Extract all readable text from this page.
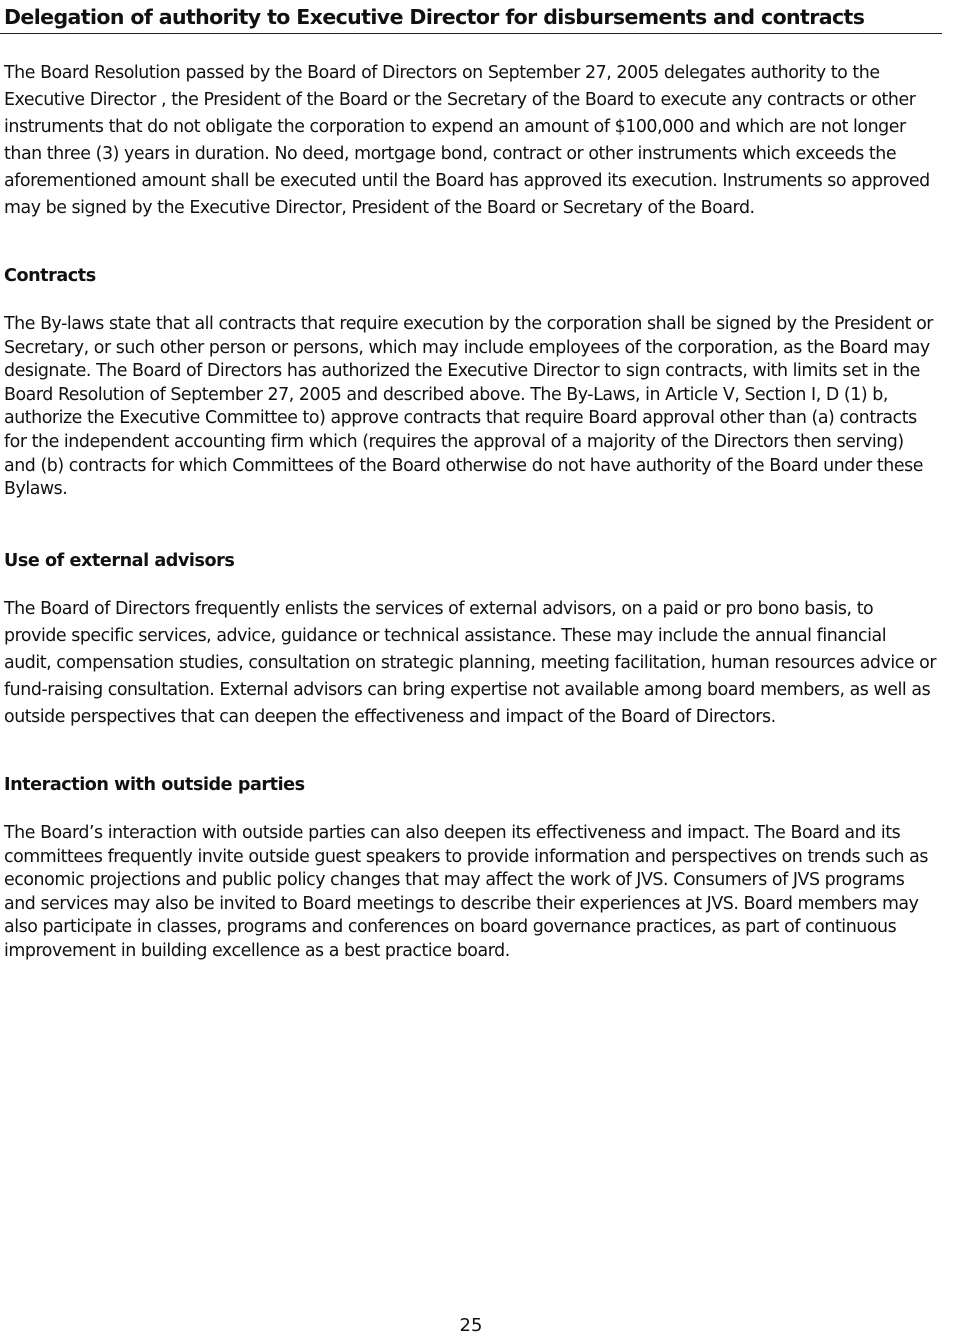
Delegation of authority to Executive Director for disbursements and contracts

The Board Resolution passed by the Board of Directors on September 27, 2005 delegates authority to the Executive Director , the President of the Board or the Secretary of the Board to execute any contracts or other instruments that do not obligate the corporation to expend an amount of $100,000 and which are not longer than three (3) years in duration. No deed, mortgage bond, contract or other instruments which exceeds the aforementioned amount shall be executed until the Board has approved its execution. Instruments so approved may be signed by the Executive Director, President of the Board or Secretary of the Board.

Contracts

The By-laws state that all contracts that require execution by the corporation shall be signed by the President or Secretary, or such other person or persons, which may include employees of the corporation, as the Board may designate. The Board of Directors has authorized the Executive Director to sign contracts, with limits set in the Board Resolution of September 27, 2005 and described above. The By-Laws, in Article V, Section I, D (1) b, authorize the Executive Committee to) approve contracts that require Board approval other than (a) contracts for the independent accounting firm which (requires the approval of a majority of the Directors then serving) and (b) contracts for which Committees of the Board otherwise do not have authority of the Board under these Bylaws.

Use of external advisors

The Board of Directors frequently enlists the services of external advisors, on a paid or pro bono basis, to provide specific services, advice, guidance or technical assistance. These may include the annual financial audit, compensation studies, consultation on strategic planning, meeting facilitation, human resources advice or fund-raising consultation. External advisors can bring expertise not available among board members, as well as outside perspectives that can deepen the effectiveness and impact of the Board of Directors.

Interaction with outside parties

The Board’s interaction with outside parties can also deepen its effectiveness and impact. The Board and its committees frequently invite outside guest speakers to provide information and perspectives on trends such as economic projections and public policy changes that may affect the work of JVS. Consumers of JVS programs and services may also be invited to Board meetings to describe their experiences at JVS. Board members may also participate in classes, programs and conferences on board governance practices, as part of continuous improvement in building excellence as a best practice board.

25
